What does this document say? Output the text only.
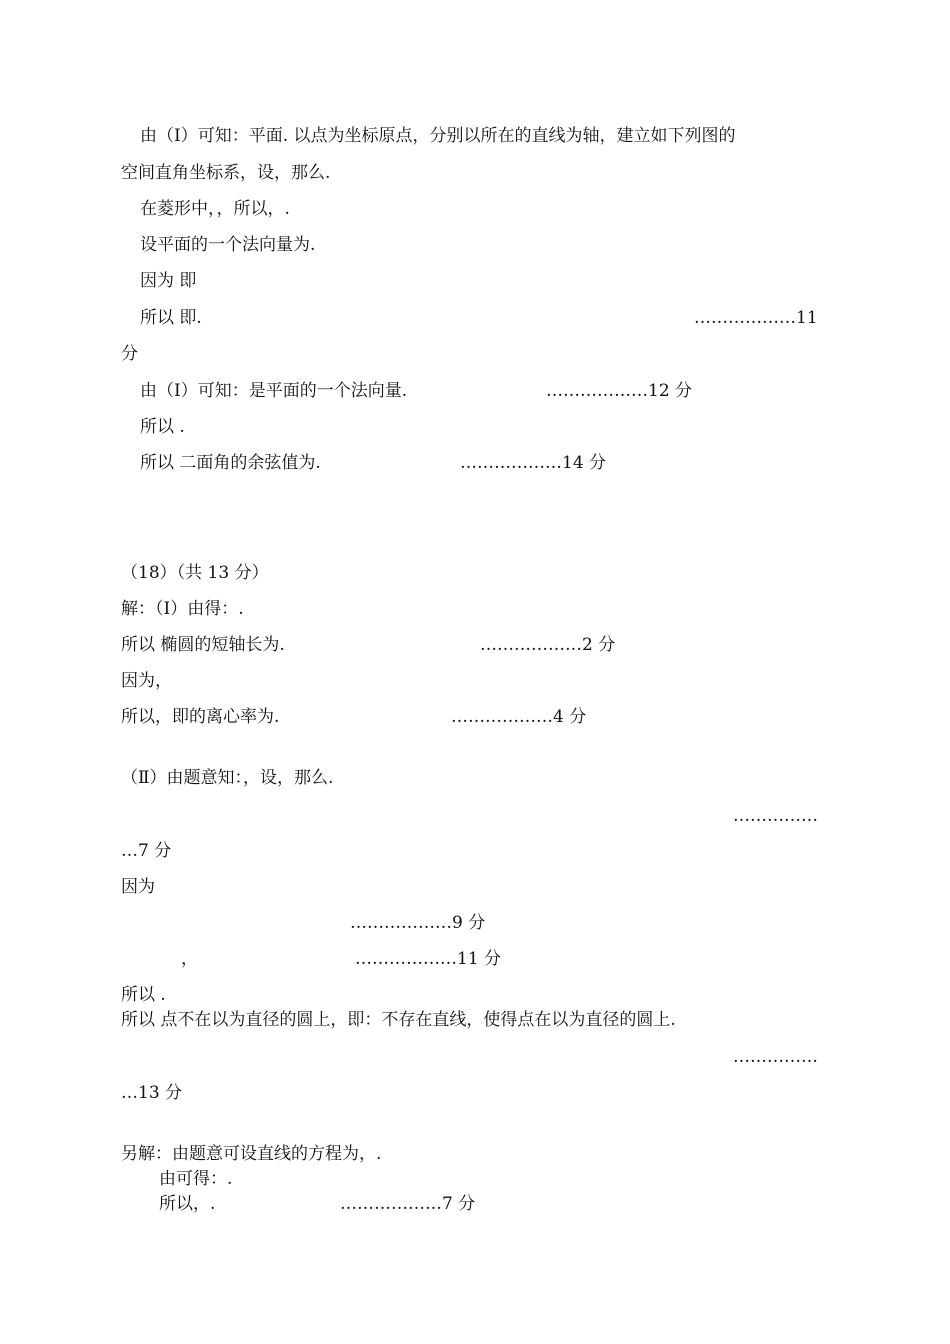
由（Ⅰ）可知：平面. 以点为坐标原点，分别以所在的直线为轴，建立如下列图的
空间直角坐标系，设，那么.
在菱形中，，所以，.
设平面的一个法向量为.
因为 即
所以 即.	………………11
分
由（Ⅰ）可知：是平面的一个法向量.	………………12 分
所以 .
所以 二面角的余弦值为.	………………14 分
（18）（共 13 分）
解：（Ⅰ）由得：.
所以 椭圆的短轴长为.	………………2 分
因为，
所以，即的离心率为.	………………4 分
（Ⅱ）由题意知：，设，那么.
……………
…7 分
因为
………………9 分
，	………………11 分
所以 .
所以 点不在以为直径的圆上，即：不存在直线，使得点在以为直径的圆上.
……………
…13 分
另解：由题意可设直线的方程为，.
由可得：.
所以，.	………………7 分
